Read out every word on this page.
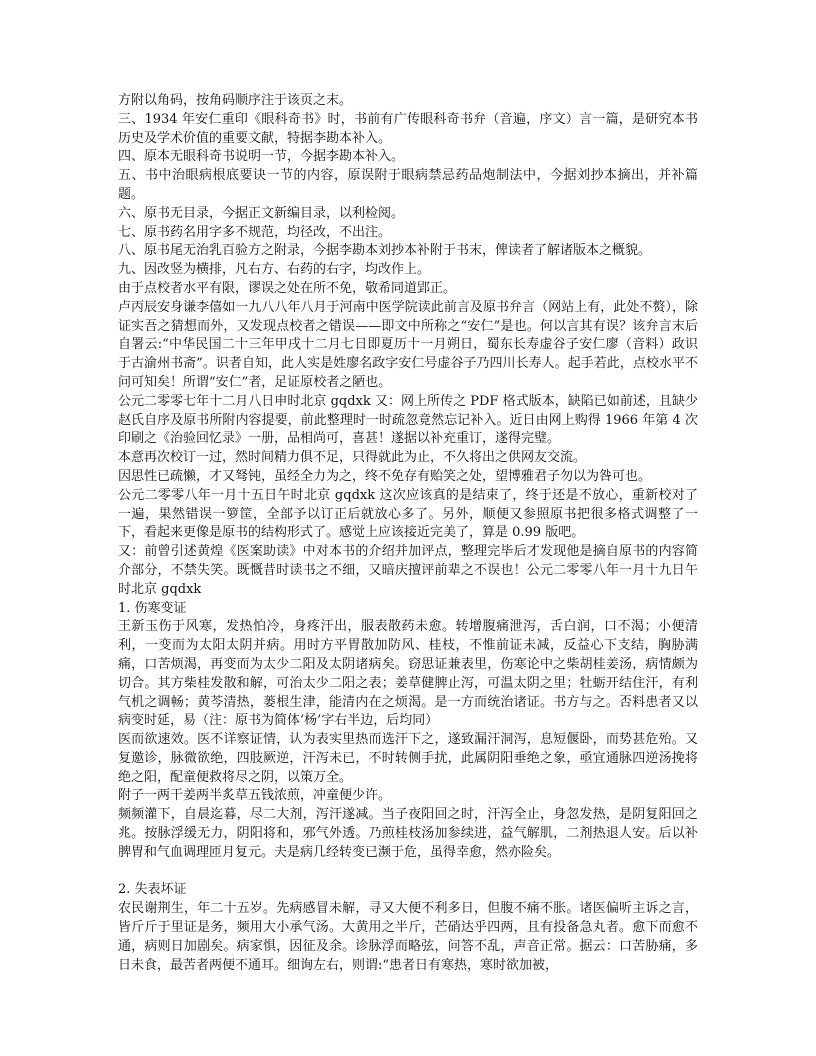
方附以角码，按角码顺序注于该页之末。

三、1934 年安仁重印《眼科奇书》时，书前有广传眼科奇书弁（音遍，序文）言一篇，是研究本书历史及学术价值的重要文献，特据李勘本补入。

四、原本无眼科奇书说明一节，今据李勘本补入。

五、书中治眼病根底要诀一节的内容，原误附于眼病禁忌药品炮制法中，今据刘抄本摘出，并补篇题。

六、原书无目录，今据正文新编目录，以利检阅。

七、原书药名用字多不规范，均径改，不出注。

八、原书尾无治乳百验方之附录，今据李勘本刘抄本补附于书末，俾读者了解诸版本之概貌。

九、因改竖为横排，凡右方、右药的右字，均改作上。

由于点校者水平有限，谬误之处在所不免，敬希同道郢正。

卢丙辰安身谦李僖如一九八八年八月于河南中医学院读此前言及原书弁言（网站上有，此处不赘），除证实吾之猜想而外，又发现点校者之错误——即文中所称之“安仁”是也。何以言其有误？该弁言末后自署云:“中华民国二十三年甲戌十二月七日即夏历十一月朔日，蜀东长寿虚谷子安仁廖（音料）政识于古渝州书斋”。识者自知，此人实是姓廖名政字安仁号虚谷子乃四川长寿人。起手若此，点校水平不问可知矣！所谓“安仁”者，足证原校者之陋也。

公元二零零七年十二月八日申时北京 gqdxk 又：网上所传之 PDF 格式版本，缺陷已如前述，且缺少赵氏自序及原书所附内容提要，前此整理时一时疏忽竟然忘记补入。近日由网上购得 1966 年第 4 次印刷之《治验回忆录》一册，品相尚可，喜甚！遂据以补充重订，遂得完璧。

本意再次校订一过，然时间精力俱不足，只得就此为止，不久将出之供网友交流。

因思性已疏懒，才又驽钝，虽经全力为之，终不免存有贻笑之处，望博雅君子勿以为咎可也。

公元二零零八年一月十五日午时北京 gqdxk 这次应该真的是结束了，终于还是不放心，重新校对了一遍，果然错误一箩筐，全部予以订正后就放心多了。另外，顺便又参照原书把很多格式调整了一下，看起来更像是原书的结构形式了。感觉上应该接近完美了，算是 0.99 版吧。

又：前曾引述黄煌《医案助读》中对本书的介绍并加评点，整理完毕后才发现他是摘自原书的内容简介部分，不禁失笑。既慨昔时读书之不细，又暗庆擅评前辈之不误也！公元二零零八年一月十九日午时北京 gqdxk

1. 伤寒变证

王新玉伤于风寒，发热怕冷，身疼汗出，服表散药未愈。转增腹痛泄泻，舌白润，口不渴；小便清利，一变而为太阳太阴并病。用时方平胃散加防风、桂枝，不惟前证未减，反益心下支结，胸胁满痛，口苦烦渴，再变而为太少二阳及太阴诸病矣。窃思证兼表里，伤寒论中之柴胡桂姜汤，病情颇为切合。其方柴桂发散和解，可治太少二阳之表；姜草健脾止泻，可温太阴之里；牡蛎开结住汗，有利气机之调畅；黄芩清热，蒌根生津，能清内在之烦渴。是一方而统治诸证。书方与之。否料患者又以病变时延，易（注：原书为简体‘杨’字右半边，后均同）

医而欲速效。医不详察证情，认为表实里热而选汗下之，遂致漏汗洞泻，息短偃卧，而势甚危殆。又复邀诊，脉微欲绝，四肢厥逆，汗泻未已，不时转侧手扰，此属阴阳垂绝之象，亟宜通脉四逆汤挽将绝之阳，配童便救将尽之阴，以策万全。

附子一两干姜两半炙草五钱浓煎，冲童便少许。

频频灌下，自晨迄暮，尽二大剂，泻汗遂减。当子夜阳回之时，汗泻全止，身忽发热，是阴复阳回之兆。按脉浮缓无力，阴阳将和，邪气外透。乃煎桂枝汤加参续进，益气解肌，二剂热退人安。后以补脾胃和气血调理匝月复元。夫是病几经转变已濒于危，虽得幸愈，然亦险矣。

2. 失表坏证

农民谢荆生，年二十五岁。先病感冒未解，寻又大便不利多日，但腹不痛不胀。诸医偏听主诉之言，皆斤斤于里证是务，频用大小承气汤。大黄用之半斤，芒硝达乎四两，且有投备急丸者。愈下而愈不通，病则日加剧矣。病家惧，因征及余。诊脉浮而略弦，问答不乱，声音正常。据云：口苦胁痛，多日未食，最苦者两便不通耳。细询左右，则谓:“患者日有寒热，寒时欲加被，
